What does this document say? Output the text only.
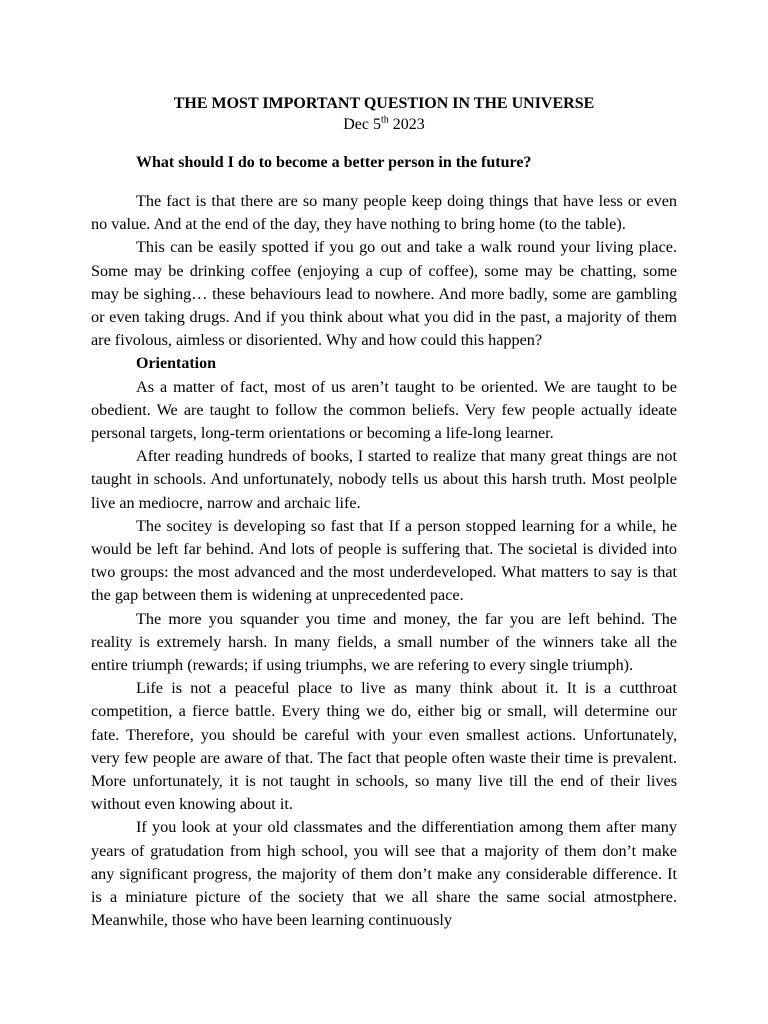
THE MOST IMPORTANT QUESTION IN THE UNIVERSE

Dec 5th 2023

What should I do to become a better person in the future?

The fact is that there are so many people keep doing things that have less or even no value. And at the end of the day, they have nothing to bring home (to the table).

This can be easily spotted if you go out and take a walk round your living place. Some may be drinking coffee (enjoying a cup of coffee), some may be chatting, some may be sighing… these behaviours lead to nowhere. And more badly, some are gambling or even taking drugs. And if you think about what you did in the past, a majority of them are fivolous, aimless or disoriented. Why and how could this happen?

Orientation

As a matter of fact, most of us aren’t taught to be oriented. We are taught to be obedient. We are taught to follow the common beliefs. Very few people actually ideate personal targets, long-term orientations or becoming a life-long learner.

After reading hundreds of books, I started to realize that many great things are not taught in schools. And unfortunately, nobody tells us about this harsh truth. Most peolple live an mediocre, narrow and archaic life.

The socitey is developing so fast that If a person stopped learning for a while, he would be left far behind. And lots of people is suffering that. The societal is divided into two groups: the most advanced and the most underdeveloped. What matters to say is that the gap between them is widening at unprecedented pace.

The more you squander you time and money, the far you are left behind. The reality is extremely harsh. In many fields, a small number of the winners take all the entire triumph (rewards; if using triumphs, we are refering to every single triumph).

Life is not a peaceful place to live as many think about it. It is a cutthroat competition, a fierce battle. Every thing we do, either big or small, will determine our fate. Therefore, you should be careful with your even smallest actions. Unfortunately, very few people are aware of that. The fact that people often waste their time is prevalent. More unfortunately, it is not taught in schools, so many live till the end of their lives without even knowing about it.

If you look at your old classmates and the differentiation among them after many years of gratudation from high school, you will see that a majority of them don’t make any significant progress, the majority of them don’t make any considerable difference. It is a miniature picture of the society that we all share the same social atmostphere. Meanwhile, those who have been learning continuously
